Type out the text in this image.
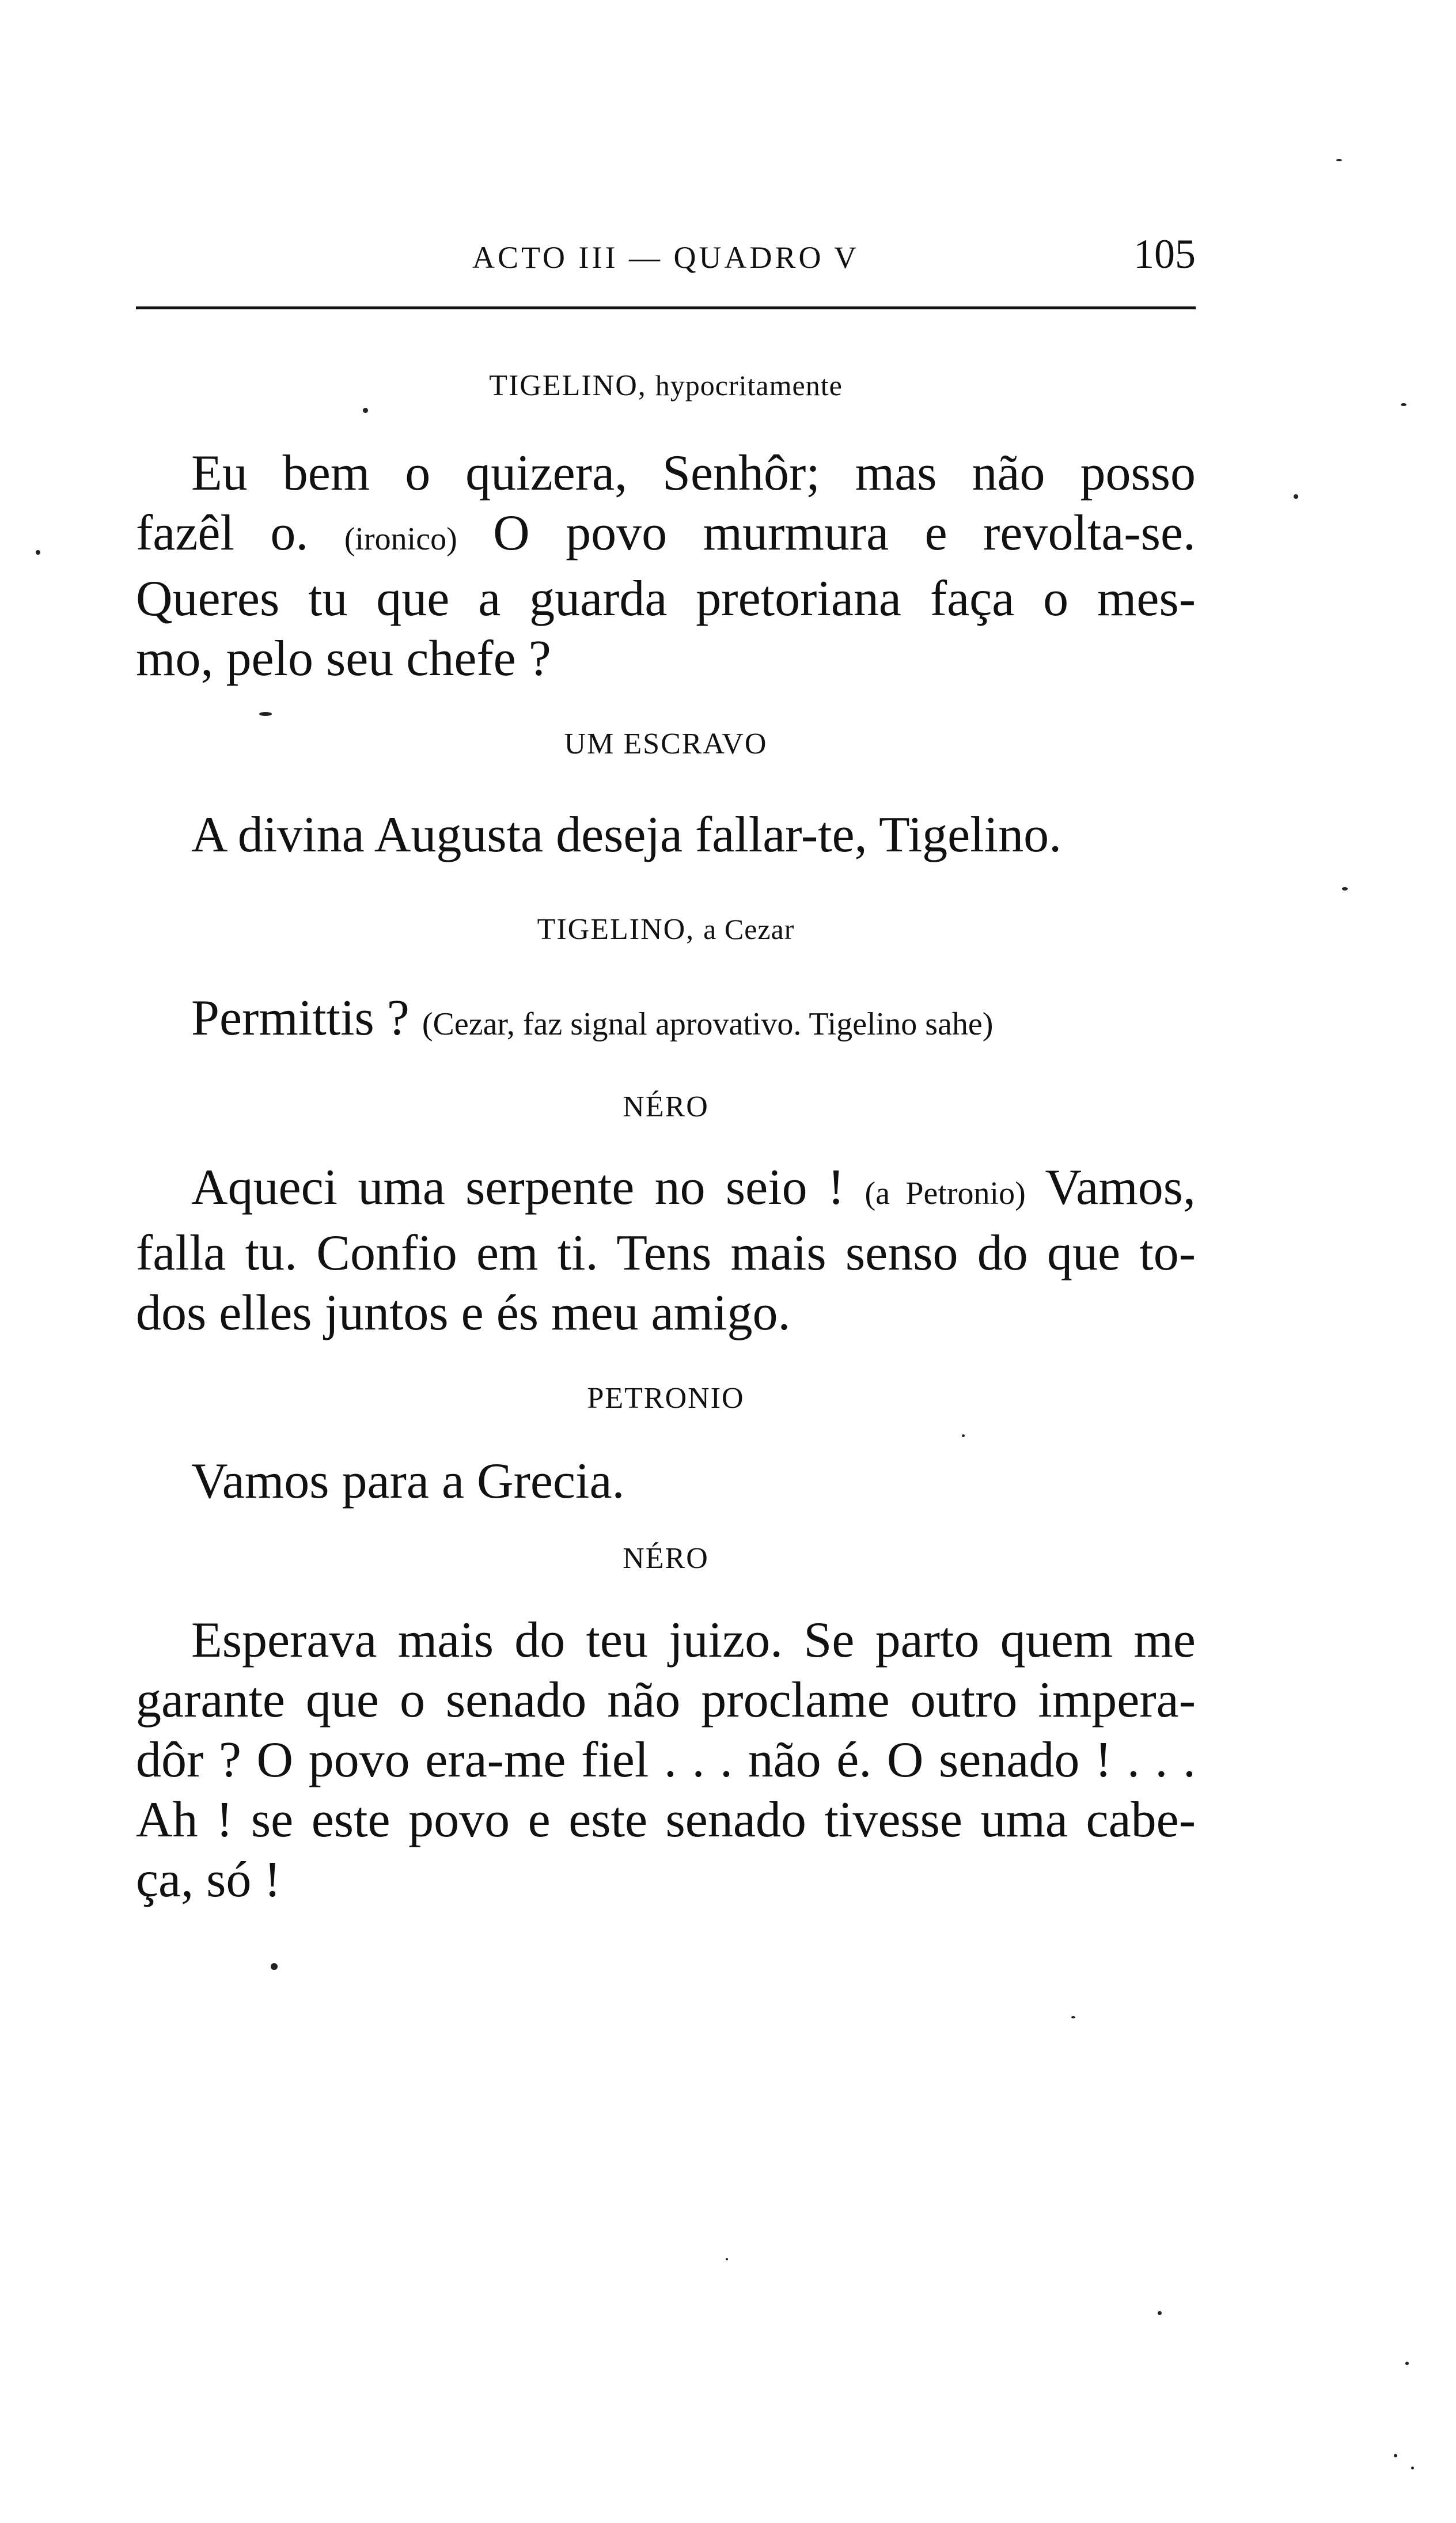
ACTO III — QUADRO V	105
TIGELINO, hypocritamente
Eu bem o quizera, Senhôr; mas não posso
fazêl o. (ironico) O povo murmura e revolta-se.
Queres tu que a guarda pretoriana faça o mes-
mo, pelo seu chefe ?
UM ESCRAVO
A divina Augusta deseja fallar-te, Tigelino.
TIGELINO, a Cezar
Permittis ? (Cezar, faz signal aprovativo. Tigelino sahe)
NÉRO
Aqueci uma serpente no seio ! (a Petronio) Vamos,
falla tu. Confio em ti. Tens mais senso do que to-
dos elles juntos e és meu amigo.
PETRONIO
Vamos para a Grecia.
NÉRO
Esperava mais do teu juizo. Se parto quem me
garante que o senado não proclame outro impera-
dôr ? O povo era-me fiel . . . não é. O senado ! . . .
Ah ! se este povo e este senado tivesse uma cabe-
ça, só !
